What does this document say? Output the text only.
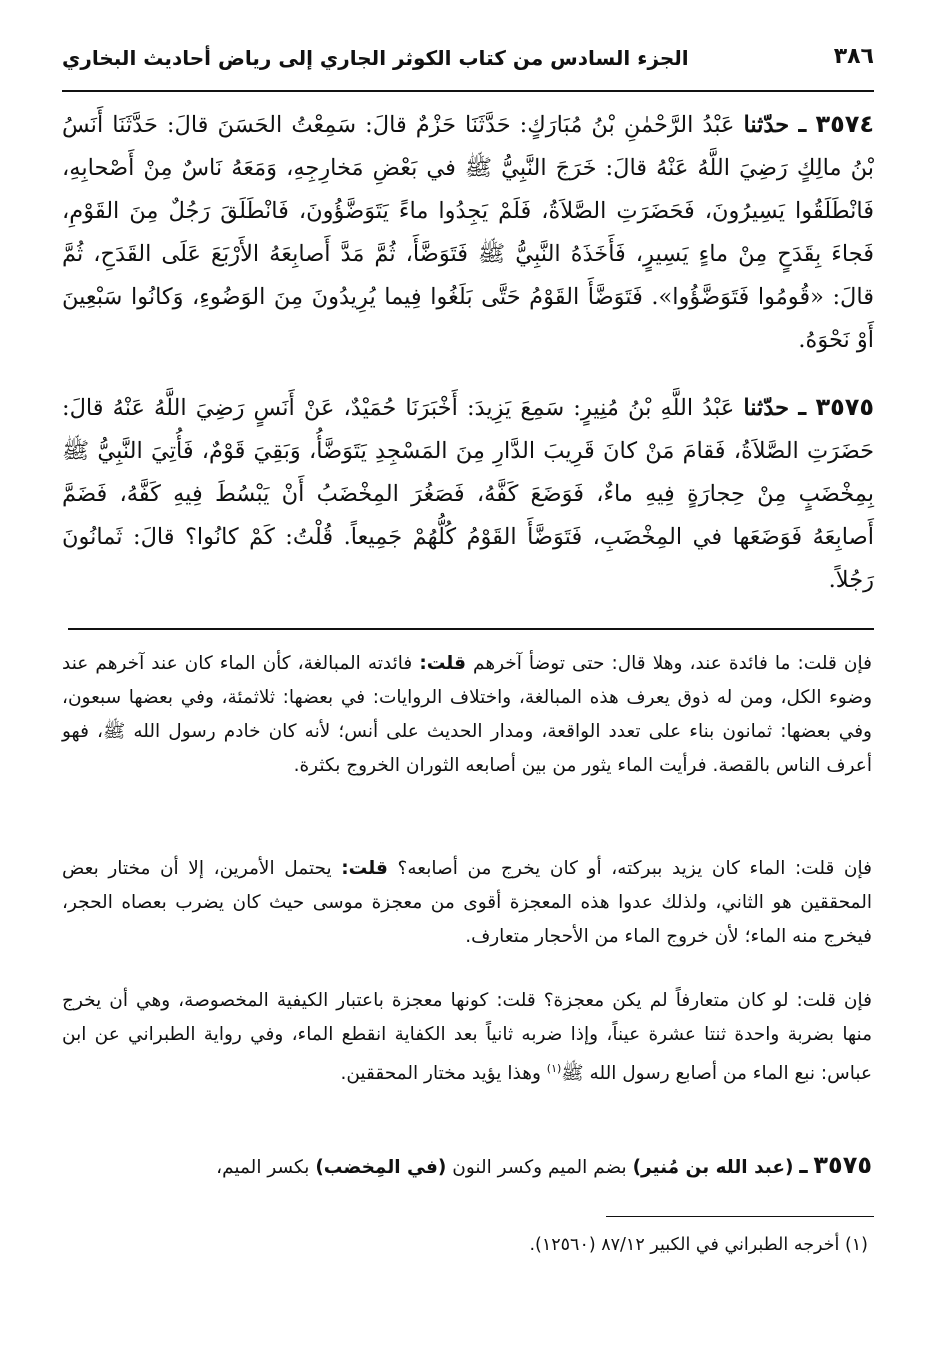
٣٨٦
الجزء السادس من كتاب الكوثر الجاري إلى رياض أحاديث البخاري
٣٥٧٤ ـ حدّثنا عَبْدُ الرَّحْمٰنِ بْنُ مُبَارَكٍ: حَدَّثَنَا حَزْمٌ قالَ: سَمِعْتُ الحَسَنَ قالَ: حَدَّثَنَا أَنَسُ بْنُ مالِكٍ رَضِيَ اللَّهُ عَنْهُ قالَ: خَرَجَ النَّبِيُّ ﷺ في بَعْضِ مَخارِجِهِ، وَمَعَهُ نَاسٌ مِنْ أَصْحابِهِ، فَانْطَلَقُوا يَسِيرُونَ، فَحَضَرَتِ الصَّلاَةُ، فَلَمْ يَجِدُوا ماءً يَتَوَضَّؤُونَ، فَانْطَلَقَ رَجُلٌ مِنَ القَوْمِ، فَجاءَ بِقَدَحٍ مِنْ ماءٍ يَسِيرٍ، فَأَخَذَهُ النَّبِيُّ ﷺ فَتَوَضَّأَ، ثُمَّ مَدَّ أَصابِعَهُ الأَرْبَعَ عَلَى القَدَحِ، ثُمَّ قالَ: «قُومُوا فَتَوَضَّؤُوا». فَتَوَضَّأَ القَوْمُ حَتَّى بَلَغُوا فِيما يُرِيدُونَ مِنَ الوَضُوءِ، وَكانُوا سَبْعِينَ أَوْ نَحْوَهُ.
٣٥٧٥ ـ حدّثنا عَبْدُ اللَّهِ بْنُ مُنِيرٍ: سَمِعَ يَزِيدَ: أَخْبَرَنَا حُمَيْدٌ، عَنْ أَنَسٍ رَضِيَ اللَّهُ عَنْهُ قالَ: حَضَرَتِ الصَّلاَةُ، فَقامَ مَنْ كانَ قَرِيبَ الدَّارِ مِنَ المَسْجِدِ يَتَوَضَّأُ، وَبَقِيَ قَوْمٌ، فَأُتِيَ النَّبِيُّ ﷺ بِمِخْضَبٍ مِنْ حِجارَةٍ فِيهِ ماءٌ، فَوَضَعَ كَفَّهُ، فَصَغُرَ المِخْضَبُ أَنْ يَبْسُطَ فِيهِ كَفَّهُ، فَضَمَّ أَصابِعَهُ فَوَضَعَها في المِخْضَبِ، فَتَوَضَّأَ القَوْمُ كُلُّهُمْ جَمِيعاً. قُلْتُ: كَمْ كانُوا؟ قالَ: ثَمانُونَ رَجُلاً.
فإن قلت: ما فائدة عند، وهلا قال: حتى توضأ آخرهم قلت: فائدته المبالغة، كأن الماء كان عند آخرهم عند وضوء الكل، ومن له ذوق يعرف هذه المبالغة، واختلاف الروايات: في بعضها: ثلاثمئة، وفي بعضها سبعون، وفي بعضها: ثمانون بناء على تعدد الواقعة، ومدار الحديث على أنس؛ لأنه كان خادم رسول الله ﷺ، فهو أعرف الناس بالقصة. فرأيت الماء يثور من بين أصابعه الثوران الخروج بكثرة.
فإن قلت: الماء كان يزيد ببركته، أو كان يخرج من أصابعه؟ قلت: يحتمل الأمرين، إلا أن مختار بعض المحققين هو الثاني، ولذلك عدوا هذه المعجزة أقوى من معجزة موسى حيث كان يضرب بعصاه الحجر، فيخرج منه الماء؛ لأن خروج الماء من الأحجار متعارف.
فإن قلت: لو كان متعارفاً لم يكن معجزة؟ قلت: كونها معجزة باعتبار الكيفية المخصوصة، وهي أن يخرج منها بضربة واحدة ثنتا عشرة عيناً، وإذا ضربه ثانياً بعد الكفاية انقطع الماء، وفي رواية الطبراني عن ابن عباس: نبع الماء من أصابع رسول الله ﷺ$^{(١)}$ وهذا يؤيد مختار المحققين.
٣٥٧٥ ـ (عبد الله بن مُنير) بضم الميم وكسر النون (في المِخضب) بكسر الميم،
(١) أخرجه الطبراني في الكبير ٨٧/١٢ (١٢٥٦٠).
